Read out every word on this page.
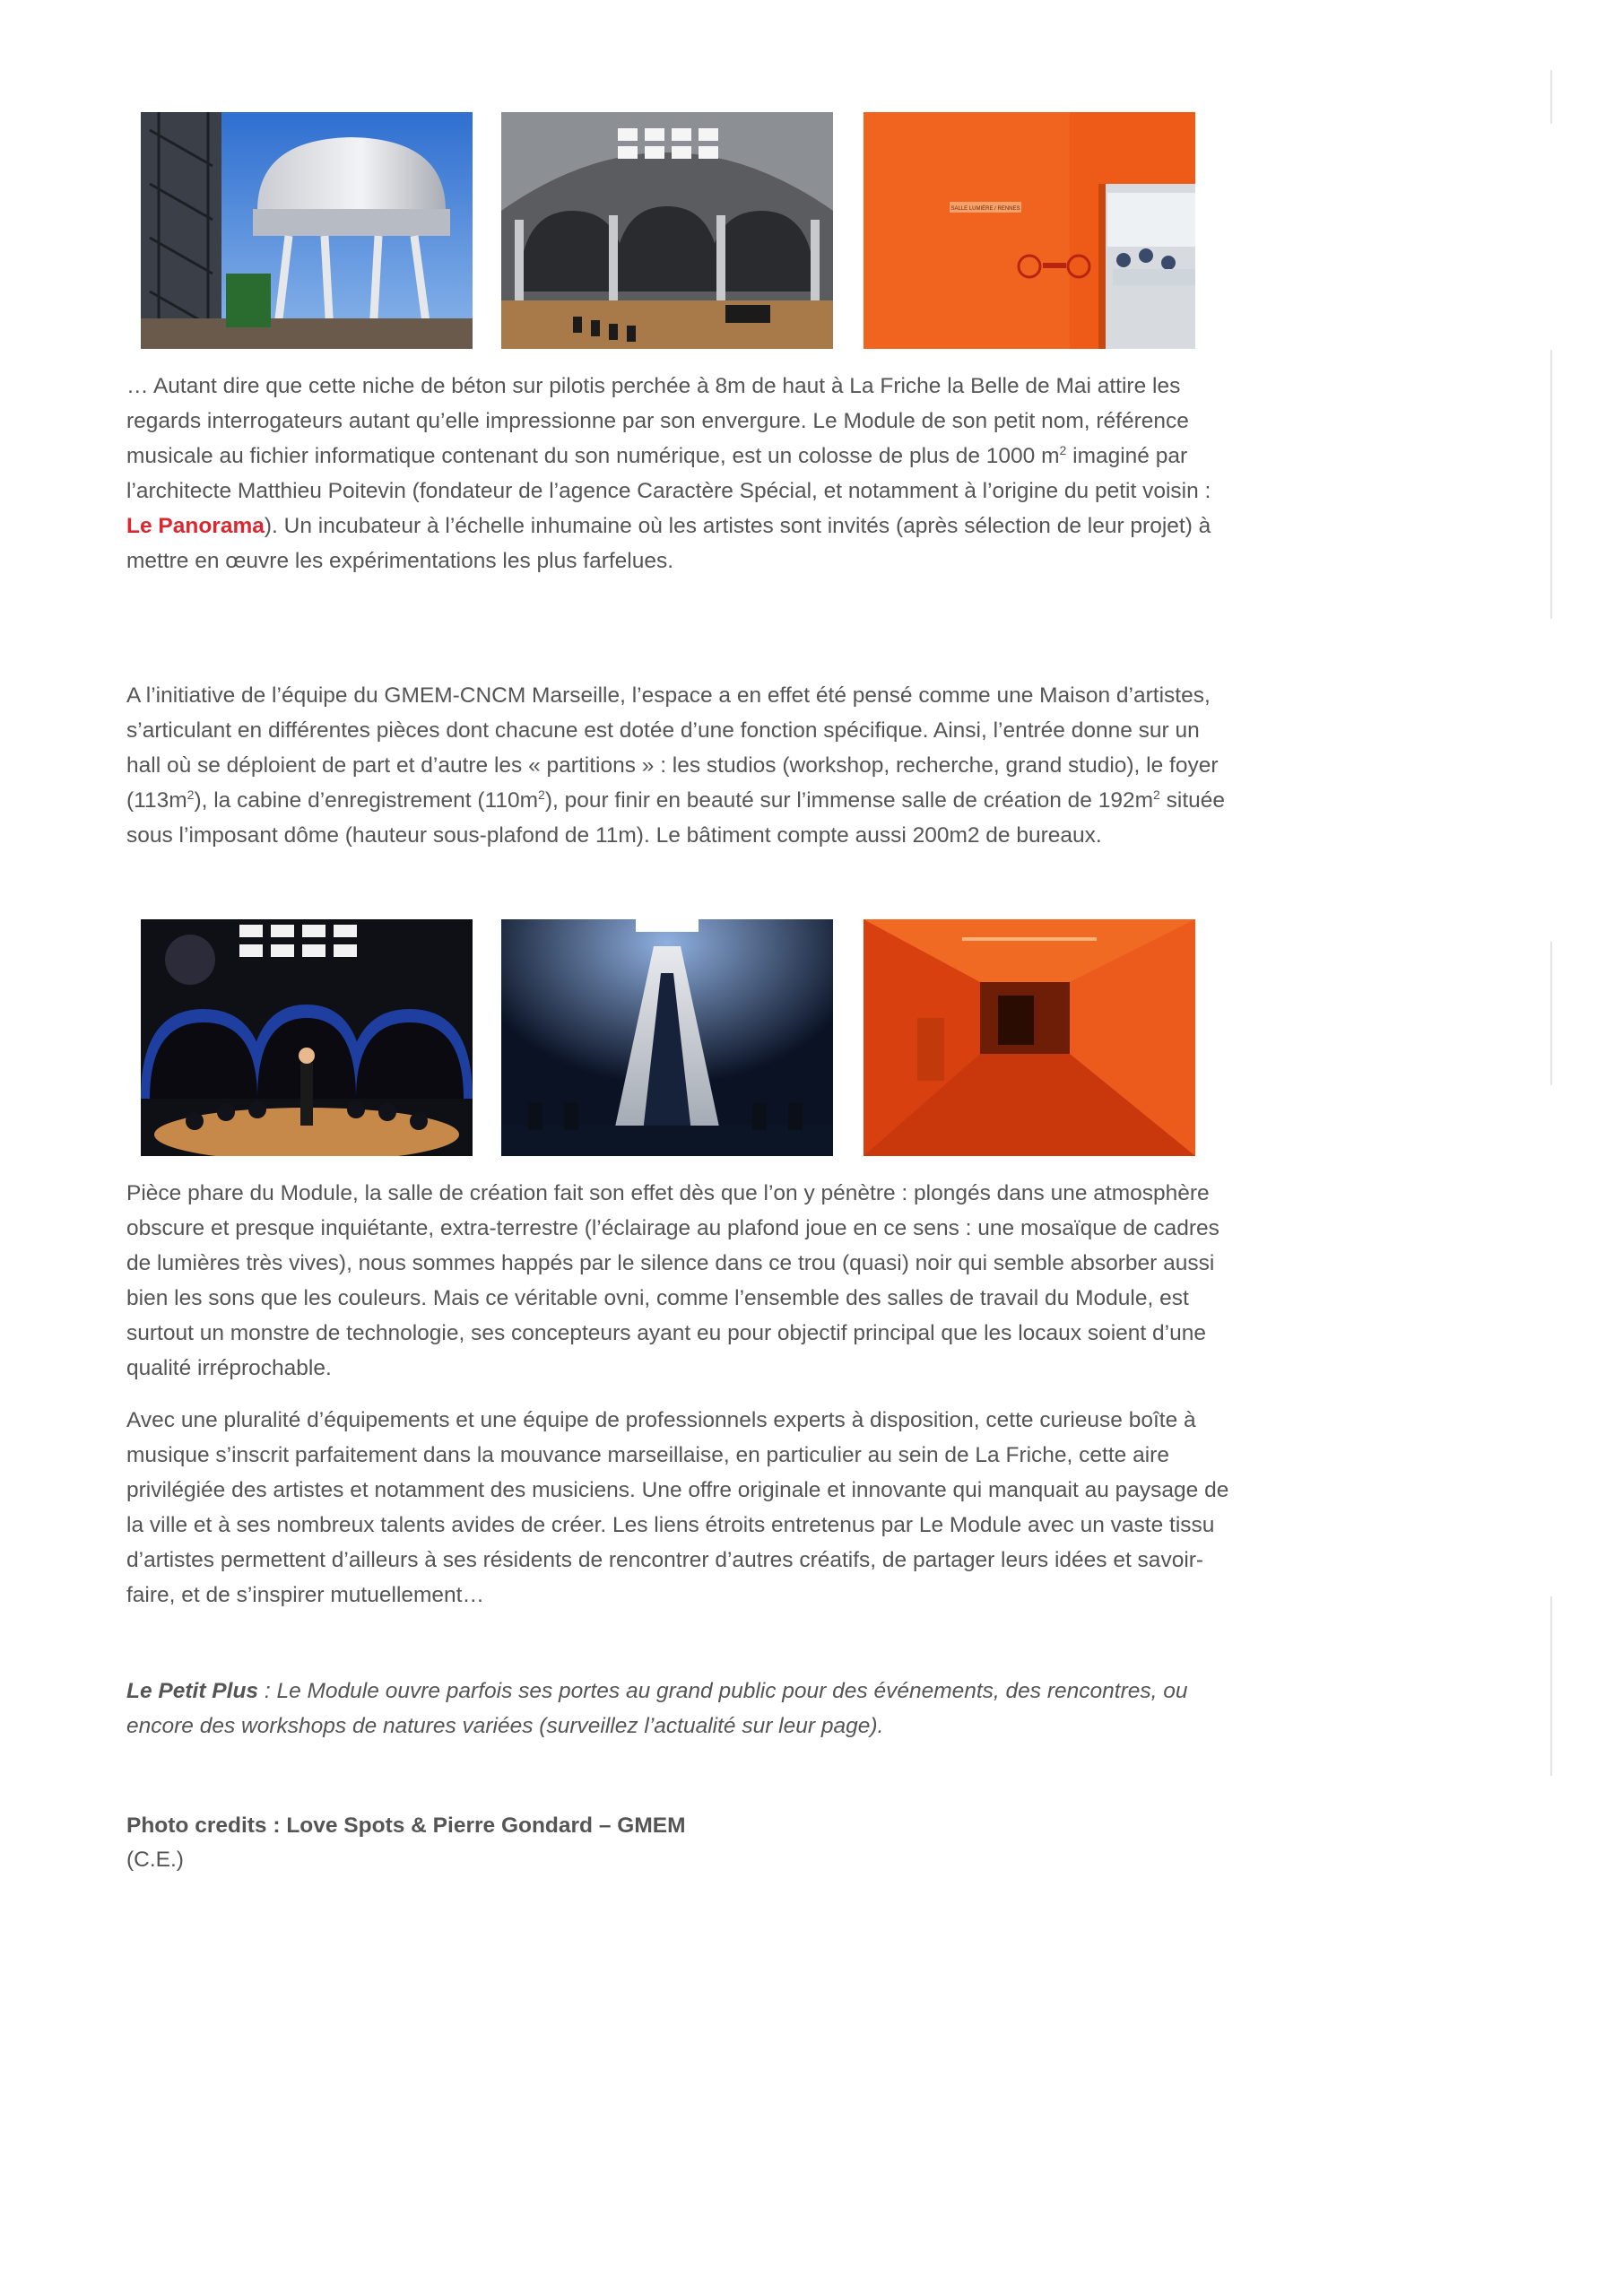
SALLE LUMIÈRE / RENNES

… Autant dire que cette niche de béton sur pilotis perchée à 8m de haut à La Friche la Belle de Mai attire les regards interrogateurs autant qu’elle impressionne par son envergure. Le Module de son petit nom, référence musicale au fichier informatique contenant du son numérique, est un colosse de plus de 1000 $m^2$ imaginé par l’architecte Matthieu Poitevin (fondateur de l’agence Caractère Spécial, et notamment à l’origine du petit voisin : Le Panorama). Un incubateur à l’échelle inhumaine où les artistes sont invités (après sélection de leur projet) à mettre en œuvre les expérimentations les plus farfelues.

A l’initiative de l’équipe du GMEM-CNCM Marseille, l’espace a en effet été pensé comme une Maison d’artistes, s’articulant en différentes pièces dont chacune est dotée d’une fonction spécifique. Ainsi, l’entrée donne sur un hall où se déploient de part et d’autre les « partitions » : les studios (workshop, recherche, grand studio), le foyer $(113m^2)$, la cabine d’enregistrement $(110m^2)$, pour finir en beauté sur l’immense salle de création de $192m^2$ située sous l’imposant dôme (hauteur sous-plafond de 11m). Le bâtiment compte aussi 200m2 de bureaux.

Pièce phare du Module, la salle de création fait son effet dès que l’on y pénètre : plongés dans une atmosphère obscure et presque inquiétante, extra-terrestre (l’éclairage au plafond joue en ce sens : une mosaïque de cadres de lumières très vives), nous sommes happés par le silence dans ce trou (quasi) noir qui semble absorber aussi bien les sons que les couleurs. Mais ce véritable ovni, comme l’ensemble des salles de travail du Module, est surtout un monstre de technologie, ses concepteurs ayant eu pour objectif principal que les locaux soient d’une qualité irréprochable.

Avec une pluralité d’équipements et une équipe de professionnels experts à disposition, cette curieuse boîte à musique s’inscrit parfaitement dans la mouvance marseillaise, en particulier au sein de La Friche, cette aire privilégiée des artistes et notamment des musiciens. Une offre originale et innovante qui manquait au paysage de la ville et à ses nombreux talents avides de créer. Les liens étroits entretenus par Le Module avec un vaste tissu d’artistes permettent d’ailleurs à ses résidents de rencontrer d’autres créatifs, de partager leurs idées et savoir-faire, et de s’inspirer mutuellement…

Le Petit Plus : Le Module ouvre parfois ses portes au grand public pour des événements, des rencontres, ou encore des workshops de natures variées (surveillez l’actualité sur leur page).

Photo credits : Love Spots & Pierre Gondard – GMEM

(C.E.)
